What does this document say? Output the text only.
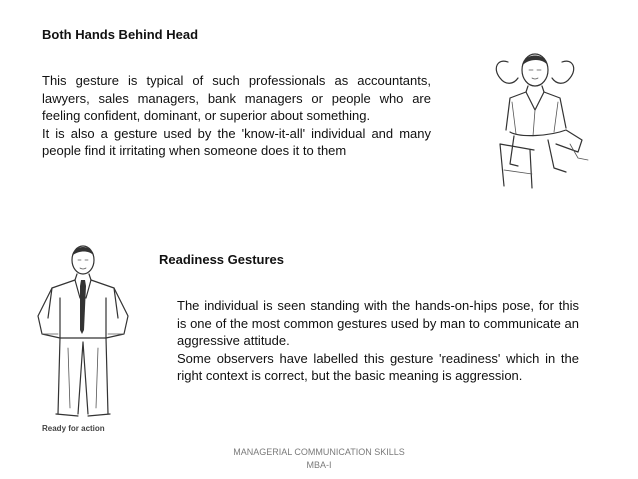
Both Hands Behind Head

This gesture is typical of such professionals as accountants, lawyers, sales managers, bank managers or people who are feeling confident, dominant, or superior about something.

It is also a gesture used by the 'know-it-all' individual and many people find it irritating when someone does it to them

Readiness Gestures

The individual is seen standing with the hands-on-hips pose, for this is one of the most common gestures used by man to communicate an aggressive attitude.

Some observers have labelled this gesture 'readiness' which in the right context is correct, but the basic meaning is aggression.

Ready for action
MANAGERIAL COMMUNICATION SKILLS
MBA-I
